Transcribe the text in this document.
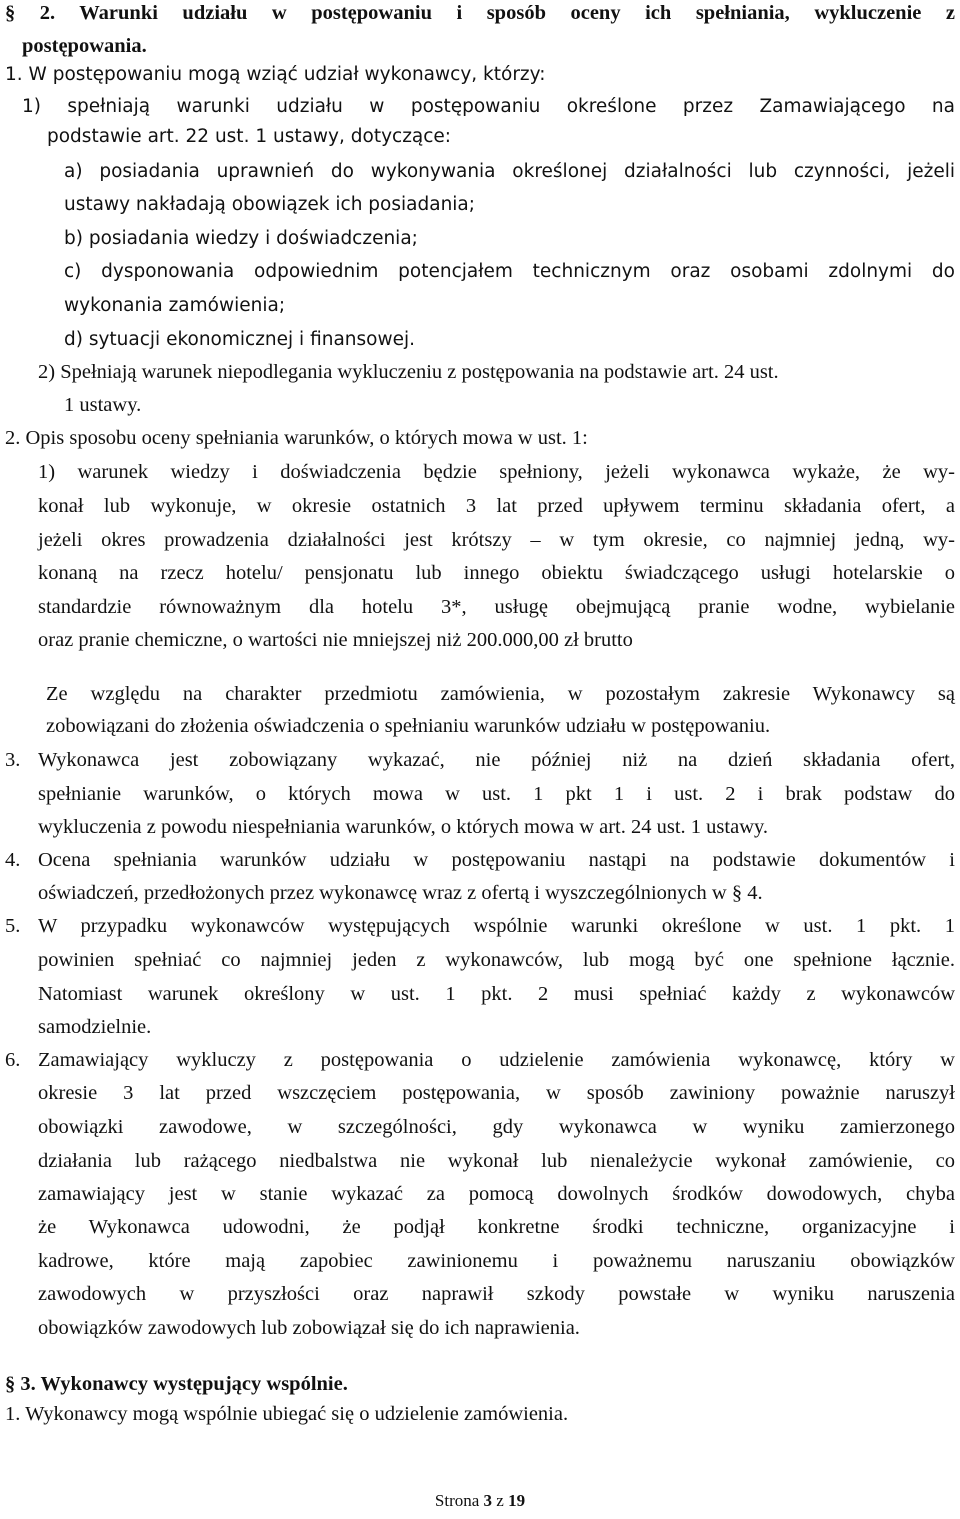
§ 2. Warunki udziału w postępowaniu i sposób oceny ich spełniania, wykluczenie z
postępowania.
1. W postępowaniu mogą wziąć udział wykonawcy, którzy:
1) spełniają warunki udziału w postępowaniu określone przez Zamawiającego na
podstawie art. 22 ust. 1 ustawy, dotyczące:
a) posiadania uprawnień do wykonywania określonej działalności lub czynności, jeżeli
ustawy nakładają obowiązek ich posiadania;
b) posiadania wiedzy i doświadczenia;
c) dysponowania odpowiednim potencjałem technicznym oraz osobami zdolnymi do
wykonania zamówienia;
d) sytuacji ekonomicznej i finansowej.
2) Spełniają warunek niepodlegania wykluczeniu z postępowania na podstawie art. 24 ust.
1 ustawy.
2. Opis sposobu oceny spełniania warunków, o których mowa w ust. 1:
1) warunek wiedzy i doświadczenia będzie spełniony, jeżeli wykonawca wykaże, że wy-
konał lub wykonuje, w okresie ostatnich 3 lat przed upływem terminu składania ofert, a
jeżeli okres prowadzenia działalności jest krótszy – w tym okresie, co najmniej jedną, wy-
konaną na rzecz hotelu/ pensjonatu lub innego obiektu świadczącego usługi hotelarskie o
standardzie równoważnym dla hotelu 3*, usługę obejmującą pranie wodne, wybielanie
oraz pranie chemiczne, o wartości nie mniejszej niż 200.000,00 zł brutto
Ze względu na charakter przedmiotu zamówienia, w pozostałym zakresie Wykonawcy są
zobowiązani do złożenia oświadczenia o spełnianiu warunków udziału w postępowaniu.
3. Wykonawca jest zobowiązany wykazać, nie później niż na dzień składania ofert,
spełnianie warunków, o których mowa w ust. 1 pkt 1 i ust. 2 i brak podstaw do
wykluczenia z powodu niespełniania warunków, o których mowa w art. 24 ust. 1 ustawy.
4. Ocena spełniania warunków udziału w postępowaniu nastąpi na podstawie dokumentów i
oświadczeń, przedłożonych przez wykonawcę wraz z ofertą i wyszczególnionych w § 4.
5. W przypadku wykonawców występujących wspólnie warunki określone w ust. 1 pkt. 1
powinien spełniać co najmniej jeden z wykonawców, lub mogą być one spełnione łącznie.
Natomiast warunek określony w ust. 1 pkt. 2 musi spełniać każdy z wykonawców
samodzielnie.
6. Zamawiający wykluczy z postępowania o udzielenie zamówienia wykonawcę, który w
okresie 3 lat przed wszczęciem postępowania, w sposób zawiniony poważnie naruszył
obowiązki zawodowe, w szczególności, gdy wykonawca w wyniku zamierzonego
działania lub rażącego niedbalstwa nie wykonał lub nienależycie wykonał zamówienie, co
zamawiający jest w stanie wykazać za pomocą dowolnych środków dowodowych, chyba
że Wykonawca udowodni, że podjął konkretne środki techniczne, organizacyjne i
kadrowe, które mają zapobiec zawinionemu i poważnemu naruszaniu obowiązków
zawodowych w przyszłości oraz naprawił szkody powstałe w wyniku naruszenia
obowiązków zawodowych lub zobowiązał się do ich naprawienia.
§ 3. Wykonawcy występujący wspólnie.
1. Wykonawcy mogą wspólnie ubiegać się o udzielenie zamówienia.
Strona 3 z 19
